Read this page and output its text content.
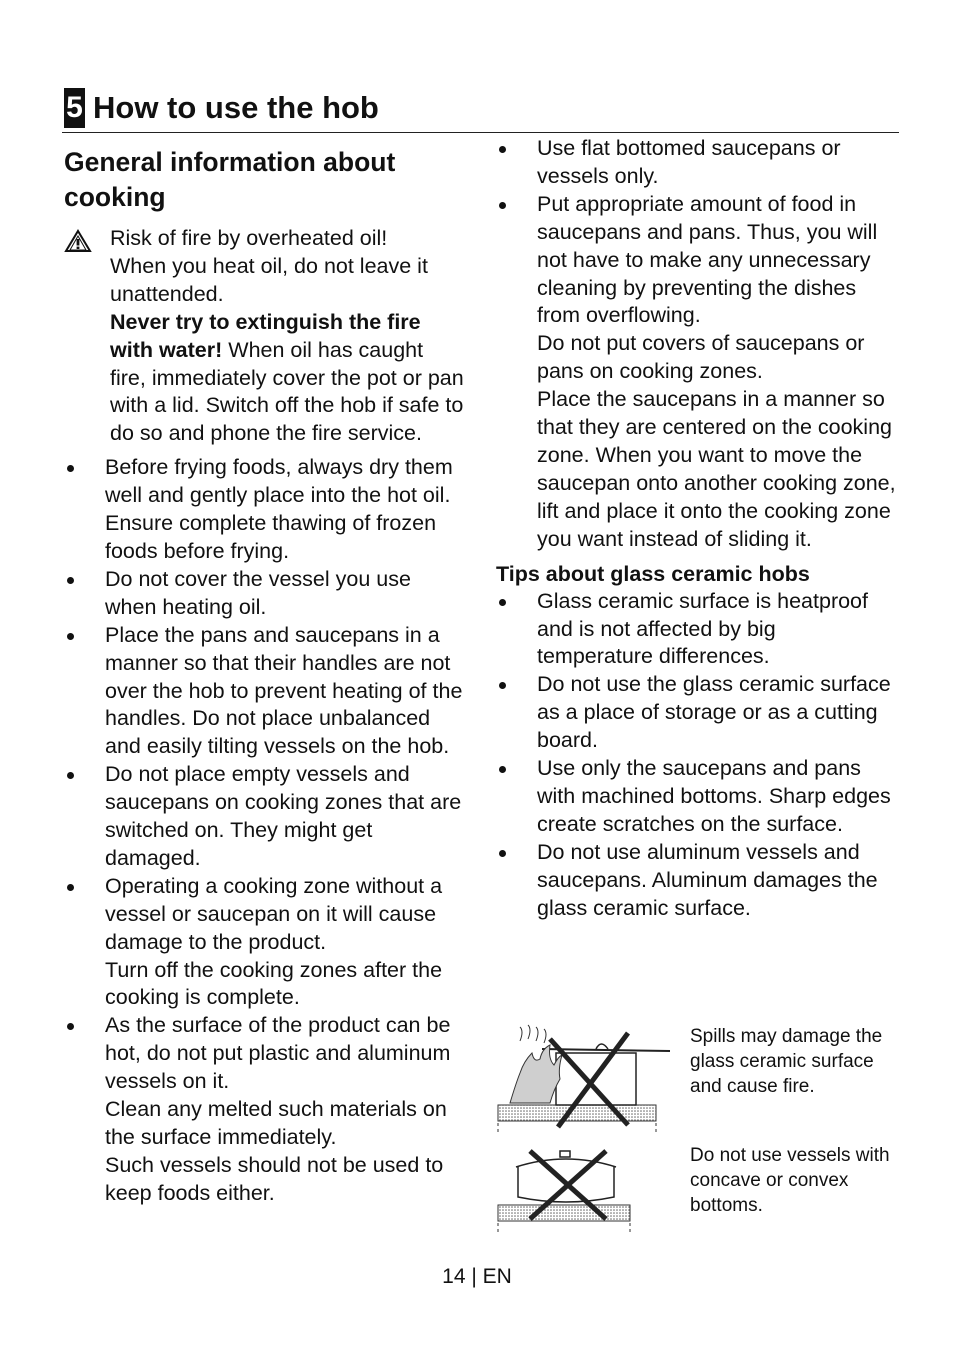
5 How to use the hob
General information about cooking
Risk of fire by overheated oil!
When you heat oil, do not leave it
unattended.
Never try to extinguish the fire with water! When oil has caught fire, immediately cover the pot or pan with a lid. Switch off the hob if safe to do so and phone the fire service.
Before frying foods, always dry them well and gently place into the hot oil. Ensure complete thawing of frozen foods before frying.
Do not cover the vessel you use when heating oil.
Place the pans and saucepans in a manner so that their handles are not over the hob to prevent heating of the handles. Do not place unbalanced and easily tilting vessels on the hob.
Do not place empty vessels and saucepans on cooking zones that are switched on. They might get damaged.
Operating a cooking zone without a vessel or saucepan on it will cause damage to the product.
Turn off the cooking zones after the cooking is complete.
As the surface of the product can be hot, do not put plastic and aluminum vessels on it.
Clean any melted such materials on the surface immediately.
Such vessels should not be used to keep foods either.
Use flat bottomed saucepans or vessels only.
Put appropriate amount of food in saucepans and pans. Thus, you will not have to make any unnecessary cleaning by preventing the dishes from overflowing.
Do not put covers of saucepans or pans on cooking zones.
Place the saucepans in a manner so that they are centered on the cooking zone. When you want to move the saucepan onto another cooking zone, lift and place it onto the cooking zone you want instead of sliding it.
Tips about glass ceramic hobs
Glass ceramic surface is heatproof and is not affected by big temperature differences.
Do not use the glass ceramic surface as a place of storage or as a cutting board.
Use only the saucepans and pans with machined bottoms. Sharp edges create scratches on the surface.
Do not use aluminum vessels and saucepans. Aluminum damages the glass ceramic surface.
Spills may damage the glass ceramic surface and cause fire.
Do not use vessels with concave or convex bottoms.
14 | EN
